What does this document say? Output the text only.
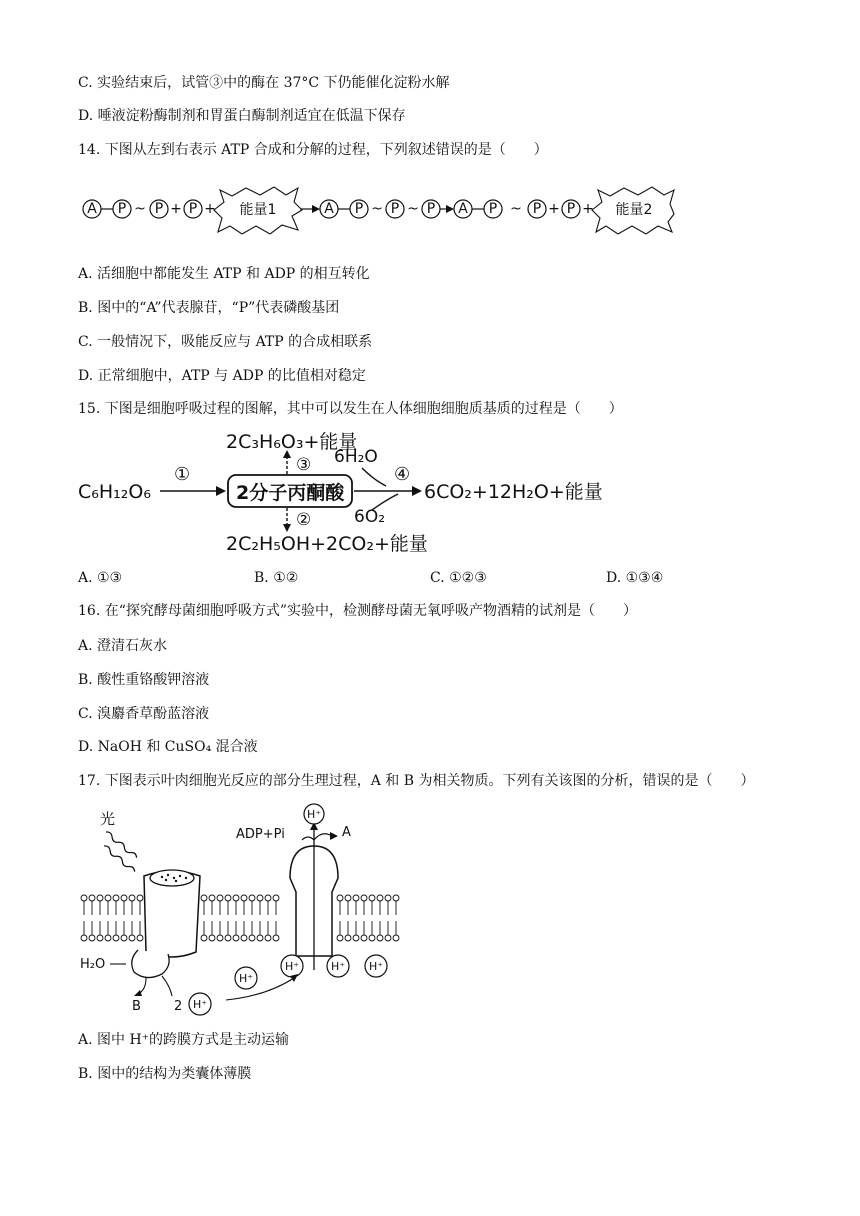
C. 实验结束后，试管③中的酶在 37°C 下仍能催化淀粉水解
D. 唾液淀粉酶制剂和胃蛋白酶制剂适宜在低温下保存
14. 下图从左到右表示 ATP 合成和分解的过程，下列叙述错误的是（　　）
A P ~ P + P + 能量1	A P ~ P ~ P A P ~ P + P + 能量2
A. 活细胞中都能发生 ATP 和 ADP 的相互转化
B. 图中的“A”代表腺苷，“P”代表磷酸基团
C. 一般情况下，吸能反应与 ATP 的合成相联系
D. 正常细胞中，ATP 与 ADP 的比值相对稳定
15. 下图是细胞呼吸过程的图解，其中可以发生在人体细胞细胞质基质的过程是（　　）
C₆H₁₂O₆
①
2分子丙酮酸
③
2C₃H₆O₃+能量
②
2C₂H₅OH+2CO₂+能量
6H₂O
④
6O₂
6CO₂+12H₂O+能量
A. ①③	B. ①②	C. ①②③	D. ①③④
16. 在“探究酵母菌细胞呼吸方式”实验中，检测酵母菌无氧呼吸产物酒精的试剂是（　　）
A. 澄清石灰水
B. 酸性重铬酸钾溶液
C. 溴麝香草酚蓝溶液
D. NaOH 和 CuSO₄ 混合液
17. 下图表示叶肉细胞光反应的部分生理过程，A 和 B 为相关物质。下列有关该图的分析，错误的是（　　）
光	H⁺
ADP+Pi	A
H⁺
H⁺	H⁺ H⁺
H₂O
B	2 H⁺
A. 图中 H⁺的跨膜方式是主动运输
B. 图中的结构为类囊体薄膜
